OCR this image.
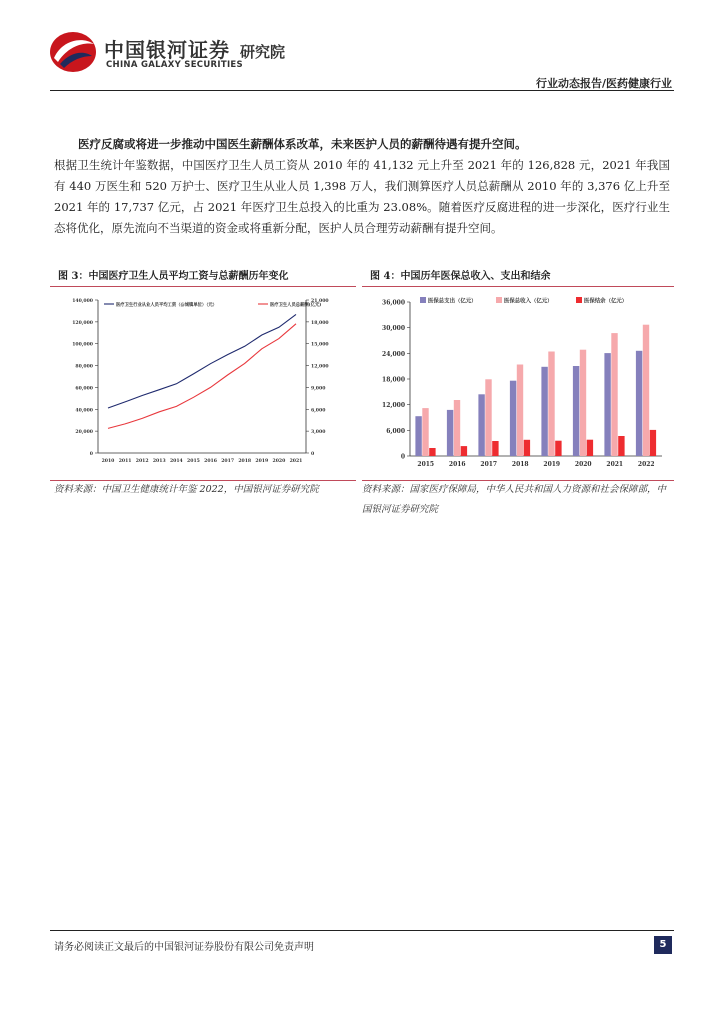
中国银河证券
CHINA GALAXY SECURITIES
研究院
行业动态报告/医药健康行业
医疗反腐或将进一步推动中国医生薪酬体系改革，未来医护人员的薪酬待遇有提升空间。
根据卫生统计年鉴数据，中国医疗卫生人员工资从 2010 年的 41,132 元上升至 2021 年的 126,828 元，2021 年我国有 440 万医生和 520 万护士、医疗卫生从业人员 1,398 万人，我们测算医疗人员总薪酬从 2010 年的 3,376 亿上升至 2021 年的 17,737 亿元，占 2021 年医疗卫生总投入的比重为 23.08%。随着医疗反腐进程的进一步深化，医疗行业生态将优化，原先流向不当渠道的资金或将重新分配，医护人员合理劳动薪酬有提升空间。
图 3：中国医疗卫生人员平均工资与总薪酬历年变化
0
20,000
40,000
60,000
80,000
100,000
120,000
140,000
0
3,000
6,000
9,000
12,000
15,000
18,000
21,000
2010 2011 2012 2013 2014 2015 2016 2017 2018 2019 2020 2021
医疗卫生行业从业人员平均工资（@城镇单位）（元）	医疗卫生人员总薪酬(亿元)
图 4：中国历年医保总收入、支出和结余
0
6,000
12,000
18,000
24,000
30,000
36,000
2015 2016 2017 2018 2019 2020 2021 2022
医保总支出（亿元）	医保总收入（亿元）	医保结余（亿元）
资料来源：中国卫生健康统计年鉴 2022，中国银河证券研究院	资料来源：国家医疗保障局，中华人民共和国人力资源和社会保障部，中国银河证券研究院
请务必阅读正文最后的中国银河证券股份有限公司免责声明	5
